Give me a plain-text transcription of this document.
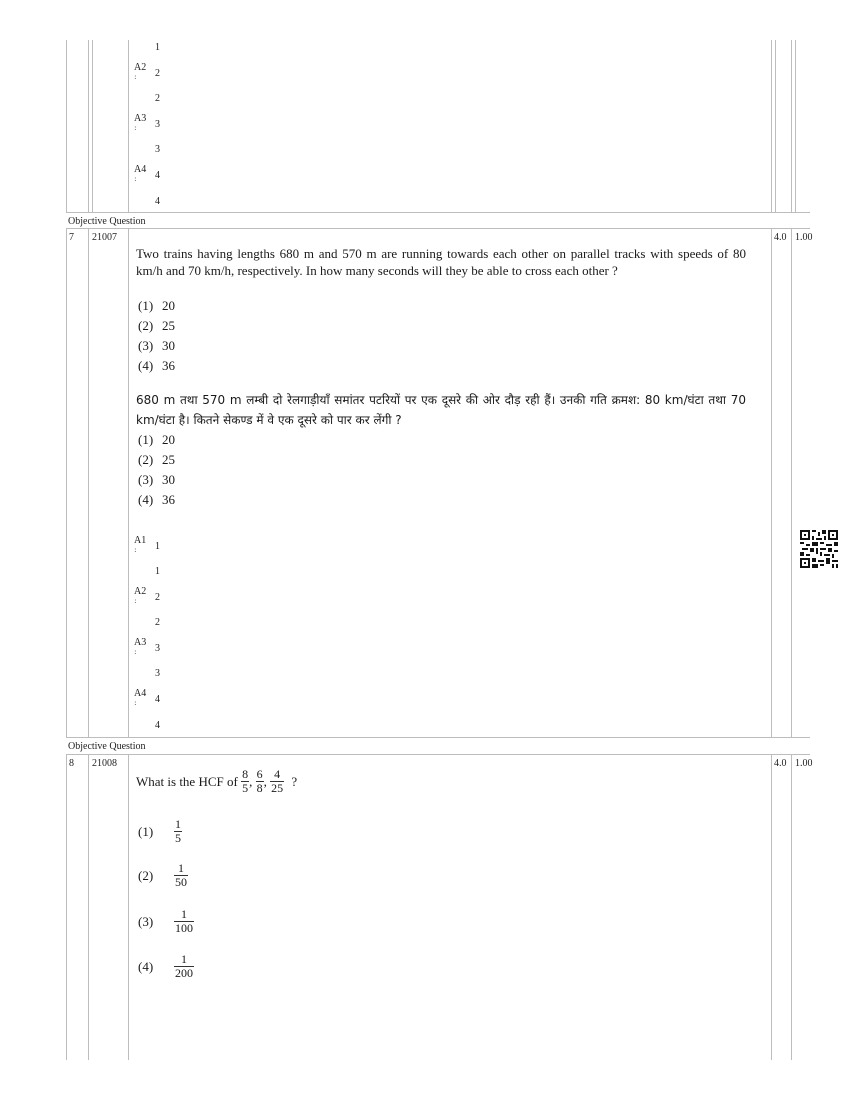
1
A2
: 2
2
A3
: 3
3
A4
: 4
4
Objective Question
7 21007	4.0 1.00
Two trains having lengths 680 m and 570 m are running towards each other on parallel tracks with speeds of 80 km/h and 70 km/h, respectively. In how many seconds will they be able to cross each other ?
(1) 20
(2) 25
(3) 30
(4) 36
680 m तथा 570 m लम्बी दो रेलगाड़ीयाँ समांतर पटरियों पर एक दूसरे की ओर दौड़ रही हैं। उनकी गति क्रमश: 80 km/घंटा तथा 70 km/घंटा है। कितने सेकण्ड में वे एक दूसरे को पार कर लेंगी ?
(1) 20
(2) 25
(3) 30
(4) 36
A1
: 1
1
A2
: 2
2
A3
: 3
3
A4
: 4
4
Objective Question
8 21008	4.0 1.00
What is the HCF of $\frac{8}{5}$ , $\frac{6}{8}$ , $\frac{4}{25}$ ?
$(1) \frac{1}{5}$
$(2) \frac{1}{50}$
$(3) \frac{1}{100}$
$(4) \frac{1}{200}$
